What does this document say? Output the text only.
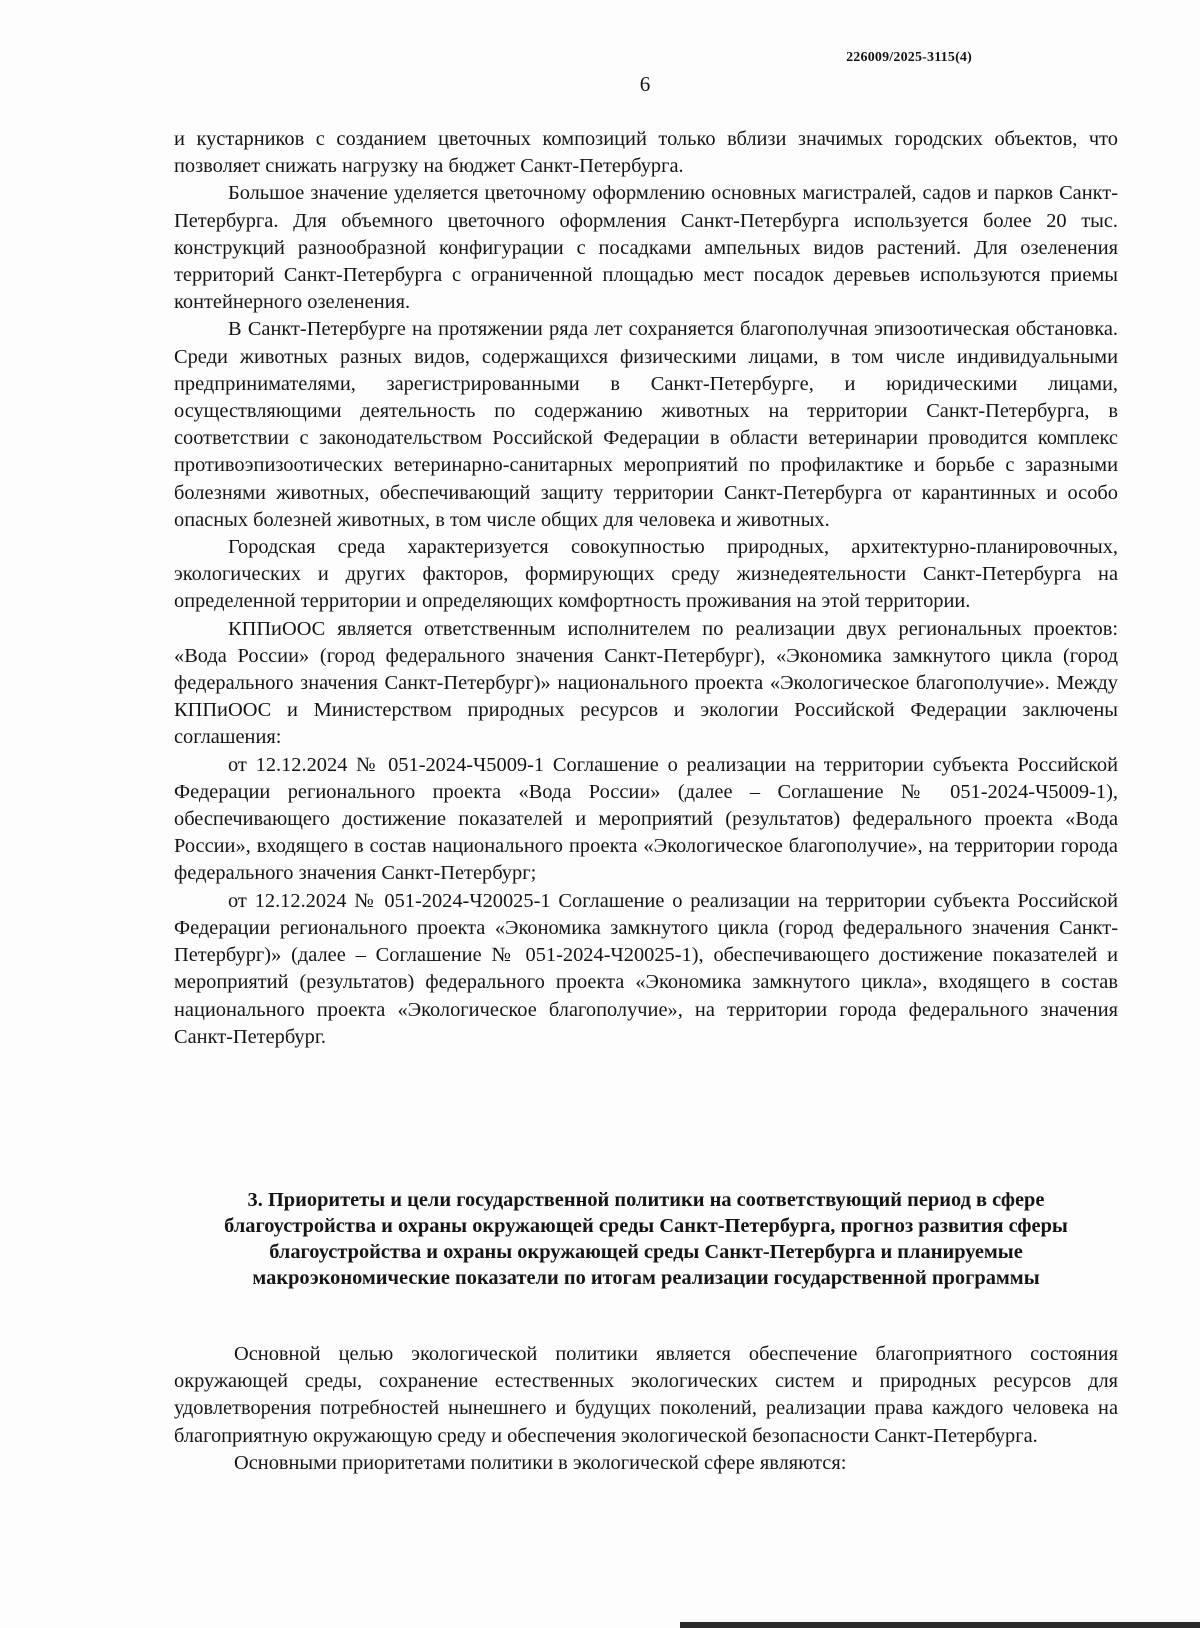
226009/2025-3115(4)
6

и кустарников с созданием цветочных композиций только вблизи значимых городских объектов, что позволяет снижать нагрузку на бюджет Санкт-Петербурга.

Большое значение уделяется цветочному оформлению основных магистралей, садов и парков Санкт-Петербурга. Для объемного цветочного оформления Санкт-Петербурга используется более 20 тыс. конструкций разнообразной конфигурации с посадками ампельных видов растений. Для озеленения территорий Санкт-Петербурга с ограниченной площадью мест посадок деревьев используются приемы контейнерного озеленения.

В Санкт-Петербурге на протяжении ряда лет сохраняется благополучная эпизоотическая обстановка. Среди животных разных видов, содержащихся физическими лицами, в том числе индивидуальными предпринимателями, зарегистрированными в Санкт-Петербурге, и юридическими лицами, осуществляющими деятельность по содержанию животных на территории Санкт-Петербурга, в соответствии с законодательством Российской Федерации в области ветеринарии проводится комплекс противоэпизоотических ветеринарно-санитарных мероприятий по профилактике и борьбе с заразными болезнями животных, обеспечивающий защиту территории Санкт-Петербурга от карантинных и особо опасных болезней животных, в том числе общих для человека и животных.

Городская среда характеризуется совокупностью природных, архитектурно-планировочных, экологических и других факторов, формирующих среду жизнедеятельности Санкт-Петербурга на определенной территории и определяющих комфортность проживания на этой территории.

КППиООС является ответственным исполнителем по реализации двух региональных проектов: «Вода России» (город федерального значения Санкт-Петербург), «Экономика замкнутого цикла (город федерального значения Санкт-Петербург)» национального проекта «Экологическое благополучие». Между КППиООС и Министерством природных ресурсов и экологии Российской Федерации заключены соглашения:

от 12.12.2024 № 051-2024-Ч5009-1 Соглашение о реализации на территории субъекта Российской Федерации регионального проекта «Вода России» (далее – Соглашение № 051-2024-Ч5009-1), обеспечивающего достижение показателей и мероприятий (результатов) федерального проекта «Вода России», входящего в состав национального проекта «Экологическое благополучие», на территории города федерального значения Санкт-Петербург;

от 12.12.2024 № 051-2024-Ч20025-1 Соглашение о реализации на территории субъекта Российской Федерации регионального проекта «Экономика замкнутого цикла (город федерального значения Санкт-Петербург)» (далее – Соглашение № 051-2024-Ч20025-1), обеспечивающего достижение показателей и мероприятий (результатов) федерального проекта «Экономика замкнутого цикла», входящего в состав национального проекта «Экологическое благополучие», на территории города федерального значения Санкт-Петербург.

3. Приоритеты и цели государственной политики на соответствующий период в сфере благоустройства и охраны окружающей среды Санкт-Петербурга, прогноз развития сферы благоустройства и охраны окружающей среды Санкт-Петербурга и планируемые макроэкономические показатели по итогам реализации государственной программы

Основной целью экологической политики является обеспечение благоприятного состояния окружающей среды, сохранение естественных экологических систем и природных ресурсов для удовлетворения потребностей нынешнего и будущих поколений, реализации права каждого человека на благоприятную окружающую среду и обеспечения экологической безопасности Санкт-Петербурга.

Основными приоритетами политики в экологической сфере являются:
